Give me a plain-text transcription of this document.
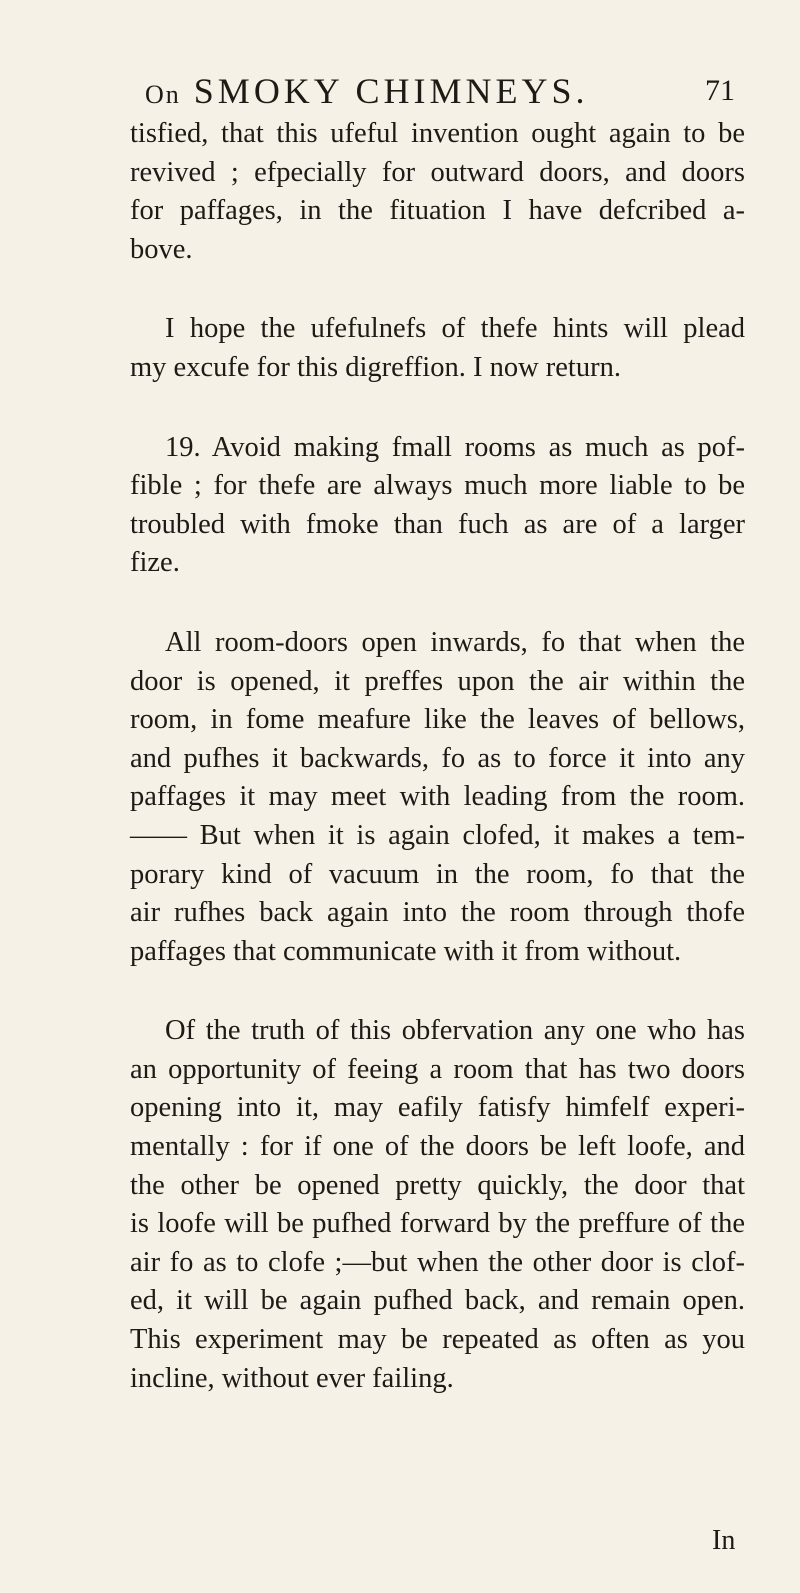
On SMOKY CHIMNEYS.	71
tisfied, that this ufeful invention ought again to be
revived ; efpecially for outward doors, and doors
for paffages, in the fituation I have defcribed a-
bove.
I hope the ufefulnefs of thefe hints will plead
my excufe for this digreffion. I now return.
19. Avoid making fmall rooms as much as pof-
fible ; for thefe are always much more liable to be
troubled with fmoke than fuch as are of a larger
fize.
All room-doors open inwards, fo that when the
door is opened, it preffes upon the air within the
room, in fome meafure like the leaves of bellows,
and pufhes it backwards, fo as to force it into any
paffages it may meet with leading from the room.
—— But when it is again clofed, it makes a tem-
porary kind of vacuum in the room, fo that the
air rufhes back again into the room through thofe
paffages that communicate with it from without.
Of the truth of this obfervation any one who has
an opportunity of feeing a room that has two doors
opening into it, may eafily fatisfy himfelf experi-
mentally : for if one of the doors be left loofe, and
the other be opened pretty quickly, the door that
is loofe will be pufhed forward by the preffure of the
air fo as to clofe ;—but when the other door is clof-
ed, it will be again pufhed back, and remain open.
This experiment may be repeated as often as you
incline, without ever failing.
In
